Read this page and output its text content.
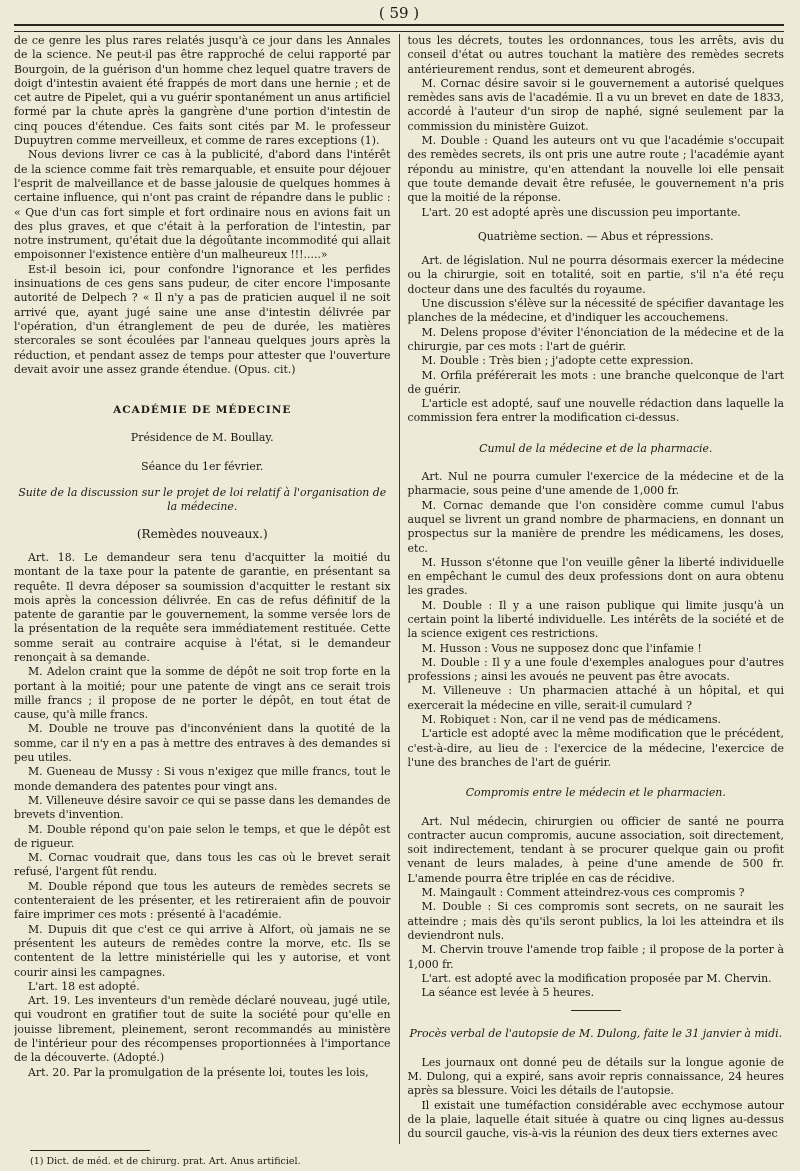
( 59 )

de ce genre les plus rares relatés jusqu'à ce jour dans les Annales de la science. Ne peut-il pas être rapproché de celui rapporté par Bourgoin, de la guérison d'un homme chez lequel quatre travers de doigt d'intestin avaient été frappés de mort dans une hernie ; et de cet autre de Pipelet, qui a vu guérir spontanément un anus artificiel formé par la chute après la gangrène d'une portion d'intestin de cinq pouces d'étendue. Ces faits sont cités par M. le professeur Dupuytren comme merveilleux, et comme de rares exceptions (1).

Nous devions livrer ce cas à la publicité, d'abord dans l'intérêt de la science comme fait très remarquable, et ensuite pour déjouer l'esprit de malveillance et de basse jalousie de quelques hommes à certaine influence, qui n'ont pas craint de répandre dans le public : « Que d'un cas fort simple et fort ordinaire nous en avions fait un des plus graves, et que c'était à la perforation de l'intestin, par notre instrument, qu'était due la dégoûtante incommodité qui allait empoisonner l'existence entière d'un malheureux !!!.....»

Est-il besoin ici, pour confondre l'ignorance et les perfides insinuations de ces gens sans pudeur, de citer encore l'imposante autorité de Delpech ? « Il n'y a pas de praticien auquel il ne soit arrivé que, ayant jugé saine une anse d'intestin délivrée par l'opération, d'un étranglement de peu de durée, les matières stercorales se sont écoulées par l'anneau quelques jours après la réduction, et pendant assez de temps pour attester que l'ouverture devait avoir une assez grande étendue. (Opus. cit.)

ACADÉMIE DE MÉDECINE
Présidence de M. Boullay.
Séance du 1er février.
Suite de la discussion sur le projet de loi relatif à l'organisation de la médecine.
(Remèdes nouveaux.)

Art. 18. Le demandeur sera tenu d'acquitter la moitié du montant de la taxe pour la patente de garantie, en présentant sa requête. Il devra déposer sa soumission d'acquitter le restant six mois après la concession délivrée. En cas de refus définitif de la patente de garantie par le gouvernement, la somme versée lors de la présentation de la requête sera immédiatement restituée. Cette somme serait au contraire acquise à l'état, si le demandeur renonçait à sa demande.

M. Adelon craint que la somme de dépôt ne soit trop forte en la portant à la moitié; pour une patente de vingt ans ce serait trois mille francs ; il propose de ne porter le dépôt, en tout état de cause, qu'à mille francs.

M. Double ne trouve pas d'inconvénient dans la quotité de la somme, car il n'y en a pas à mettre des entraves à des demandes si peu utiles.

M. Gueneau de Mussy : Si vous n'exigez que mille francs, tout le monde demandera des patentes pour vingt ans.

M. Villeneuve désire savoir ce qui se passe dans les demandes de brevets d'invention.

M. Double répond qu'on paie selon le temps, et que le dépôt est de rigueur.

M. Cornac voudrait que, dans tous les cas où le brevet serait refusé, l'argent fût rendu.

M. Double répond que tous les auteurs de remèdes secrets se contenteraient de les présenter, et les retireraient afin de pouvoir faire imprimer ces mots : présenté à l'académie.

M. Dupuis dit que c'est ce qui arrive à Alfort, où jamais ne se présentent les auteurs de remèdes contre la morve, etc. Ils se contentent de la lettre ministérielle qui les y autorise, et vont courir ainsi les campagnes.

L'art. 18 est adopté.

Art. 19. Les inventeurs d'un remède déclaré nouveau, jugé utile, qui voudront en gratifier tout de suite la société pour qu'elle en jouisse librement, pleinement, seront recommandés au ministère de l'intérieur pour des récompenses proportionnées à l'importance de la découverte. (Adopté.)

Art. 20. Par la promulgation de la présente loi, toutes les lois,

tous les décrets, toutes les ordonnances, tous les arrêts, avis du conseil d'état ou autres touchant la matière des remèdes secrets antérieurement rendus, sont et demeurent abrogés.

M. Cornac désire savoir si le gouvernement a autorisé quelques remèdes sans avis de l'académie. Il a vu un brevet en date de 1833, accordé à l'auteur d'un sirop de naphé, signé seulement par la commission du ministère Guizot.

M. Double : Quand les auteurs ont vu que l'académie s'occupait des remèdes secrets, ils ont pris une autre route ; l'académie ayant répondu au ministre, qu'en attendant la nouvelle loi elle pensait que toute demande devait être refusée, le gouvernement n'a pris que la moitié de la réponse.

L'art. 20 est adopté après une discussion peu importante.

Quatrième section. — Abus et répressions.

Art. de législation. Nul ne pourra désormais exercer la médecine ou la chirurgie, soit en totalité, soit en partie, s'il n'a été reçu docteur dans une des facultés du royaume.

Une discussion s'élève sur la nécessité de spécifier davantage les planches de la médecine, et d'indiquer les accouchemens.

M. Delens propose d'éviter l'énonciation de la médecine et de la chirurgie, par ces mots : l'art de guérir.

M. Double : Très bien ; j'adopte cette expression.

M. Orfila préférerait les mots : une branche quelconque de l'art de guérir.

L'article est adopté, sauf une nouvelle rédaction dans laquelle la commission fera entrer la modification ci-dessus.

Cumul de la médecine et de la pharmacie.

Art. Nul ne pourra cumuler l'exercice de la médecine et de la pharmacie, sous peine d'une amende de 1,000 fr.

M. Cornac demande que l'on considère comme cumul l'abus auquel se livrent un grand nombre de pharmaciens, en donnant un prospectus sur la manière de prendre les médicamens, les doses, etc.

M. Husson s'étonne que l'on veuille gêner la liberté individuelle en empêchant le cumul des deux professions dont on aura obtenu les grades.

M. Double : Il y a une raison publique qui limite jusqu'à un certain point la liberté individuelle. Les intérêts de la société et de la science exigent ces restrictions.

M. Husson : Vous ne supposez donc que l'infamie !

M. Double : Il y a une foule d'exemples analogues pour d'autres professions ; ainsi les avoués ne peuvent pas être avocats.

M. Villeneuve : Un pharmacien attaché à un hôpital, et qui exercerait la médecine en ville, serait-il cumulard ?

M. Robiquet : Non, car il ne vend pas de médicamens.

L'article est adopté avec la même modification que le précédent, c'est-à-dire, au lieu de : l'exercice de la médecine, l'exercice de l'une des branches de l'art de guérir.

Compromis entre le médecin et le pharmacien.

Art. Nul médecin, chirurgien ou officier de santé ne pourra contracter aucun compromis, aucune association, soit directement, soit indirectement, tendant à se procurer quelque gain ou profit venant de leurs malades, à peine d'une amende de 500 fr. L'amende pourra être triplée en cas de récidive.

M. Maingault : Comment atteindrez-vous ces compromis ?

M. Double : Si ces compromis sont secrets, on ne saurait les atteindre ; mais dès qu'ils seront publics, la loi les atteindra et ils deviendront nuls.

M. Chervin trouve l'amende trop faible ; il propose de la porter à 1,000 fr.

L'art. est adopté avec la modification proposée par M. Chervin.

La séance est levée à 5 heures.

Procès verbal de l'autopsie de M. Dulong, faite le 31 janvier à midi.

Les journaux ont donné peu de détails sur la longue agonie de M. Dulong, qui a expiré, sans avoir repris connaissance, 24 heures après sa blessure. Voici les détails de l'autopsie.

Il existait une tuméfaction considérable avec ecchymose autour de la plaie, laquelle était située à quatre ou cinq lignes au-dessus du sourcil gauche, vis-à-vis la réunion des deux tiers externes avec

(1) Dict. de méd. et de chirurg. prat. Art. Anus artificiel.
